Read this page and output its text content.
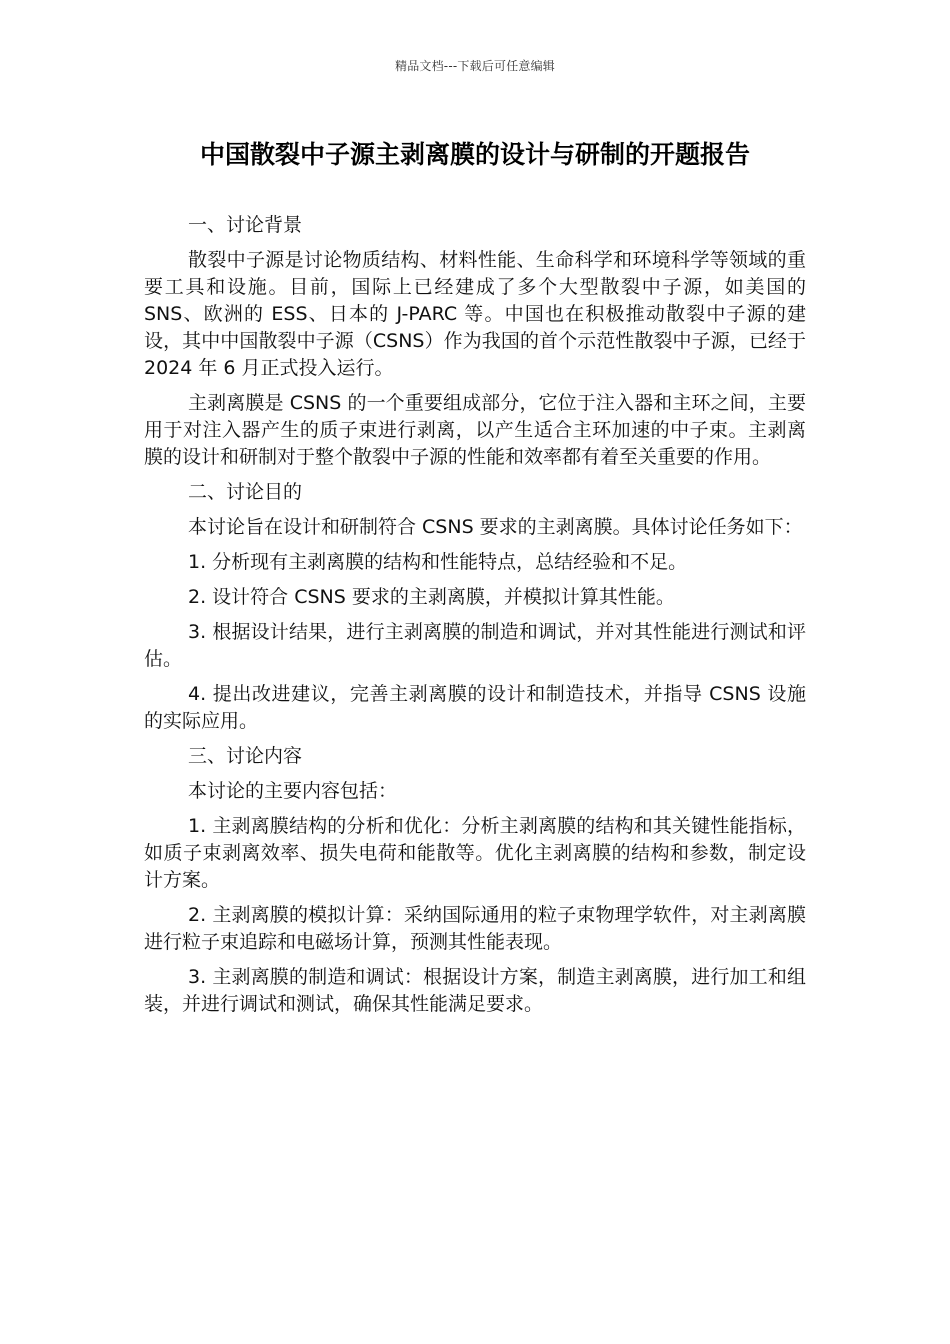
精品文档---下载后可任意编辑
中国散裂中子源主剥离膜的设计与研制的开题报告

一、讨论背景

散裂中子源是讨论物质结构、材料性能、生命科学和环境科学等领域的重要工具和设施。目前，国际上已经建成了多个大型散裂中子源，如美国的 SNS、欧洲的 ESS、日本的 J-PARC 等。中国也在积极推动散裂中子源的建设，其中中国散裂中子源（CSNS）作为我国的首个示范性散裂中子源，已经于 2024 年 6 月正式投入运行。

主剥离膜是 CSNS 的一个重要组成部分，它位于注入器和主环之间，主要用于对注入器产生的质子束进行剥离，以产生适合主环加速的中子束。主剥离膜的设计和研制对于整个散裂中子源的性能和效率都有着至关重要的作用。

二、讨论目的

本讨论旨在设计和研制符合 CSNS 要求的主剥离膜。具体讨论任务如下：

1. 分析现有主剥离膜的结构和性能特点，总结经验和不足。

2. 设计符合 CSNS 要求的主剥离膜，并模拟计算其性能。

3. 根据设计结果，进行主剥离膜的制造和调试，并对其性能进行测试和评估。

4. 提出改进建议，完善主剥离膜的设计和制造技术，并指导 CSNS 设施的实际应用。

三、讨论内容

本讨论的主要内容包括：

1. 主剥离膜结构的分析和优化：分析主剥离膜的结构和其关键性能指标，如质子束剥离效率、损失电荷和能散等。优化主剥离膜的结构和参数，制定设计方案。

2. 主剥离膜的模拟计算：采纳国际通用的粒子束物理学软件，对主剥离膜进行粒子束追踪和电磁场计算，预测其性能表现。

3. 主剥离膜的制造和调试：根据设计方案，制造主剥离膜，进行加工和组装，并进行调试和测试，确保其性能满足要求。
